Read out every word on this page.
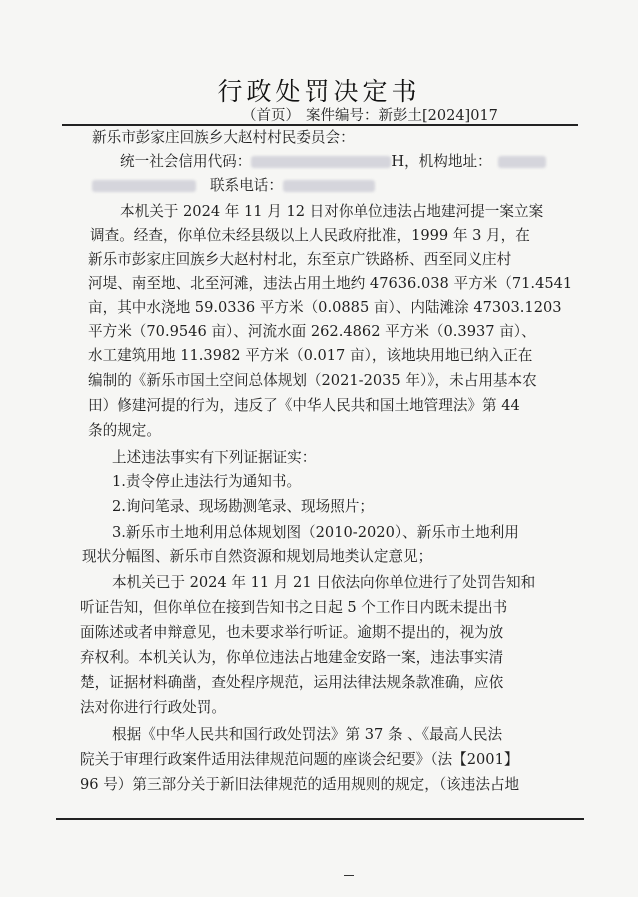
行政处罚决定书
（首页） 案件编号：新彭土[2024]017
新乐市彭家庄回族乡大赵村村民委员会：
统一社会信用代码：	H，机构地址：
联系电话：
本机关于 2024 年 11 月 12 日对你单位违法占地建河提一案立案
调查。经查，你单位未经县级以上人民政府批准，1999 年 3 月，在
新乐市彭家庄回族乡大赵村村北，东至京广铁路桥、西至同义庄村
河堤、南至地、北至河滩，违法占用土地约 47636.038 平方米（71.4541
亩，其中水浇地 59.0336 平方米（0.0885 亩）、内陆滩涂 47303.1203
平方米（70.9546 亩）、河流水面 262.4862 平方米（0.3937 亩）、
水工建筑用地 11.3982 平方米（0.017 亩），该地块用地已纳入正在
编制的《新乐市国土空间总体规划（2021-2035 年）》，未占用基本农
田）修建河提的行为，违反了《中华人民共和国土地管理法》第 44
条的规定。
上述违法事实有下列证据证实：
1.责令停止违法行为通知书。
2.询问笔录、现场勘测笔录、现场照片；
3.新乐市土地利用总体规划图（2010-2020）、新乐市土地利用
现状分幅图、新乐市自然资源和规划局地类认定意见；
本机关已于 2024 年 11 月 21 日依法向你单位进行了处罚告知和
听证告知，但你单位在接到告知书之日起 5 个工作日内既未提出书
面陈述或者申辩意见，也未要求举行听证。逾期不提出的，视为放
弃权利。本机关认为，你单位违法占地建金安路一案，违法事实清
楚，证据材料确凿，查处程序规范，运用法律法规条款准确，应依
法对你进行行政处罚。
根据《中华人民共和国行政处罚法》第 37 条 、《最高人民法
院关于审理行政案件适用法律规范问题的座谈会纪要》（法【2001】
96 号）第三部分关于新旧法律规范的适用规则的规定，（该违法占地
